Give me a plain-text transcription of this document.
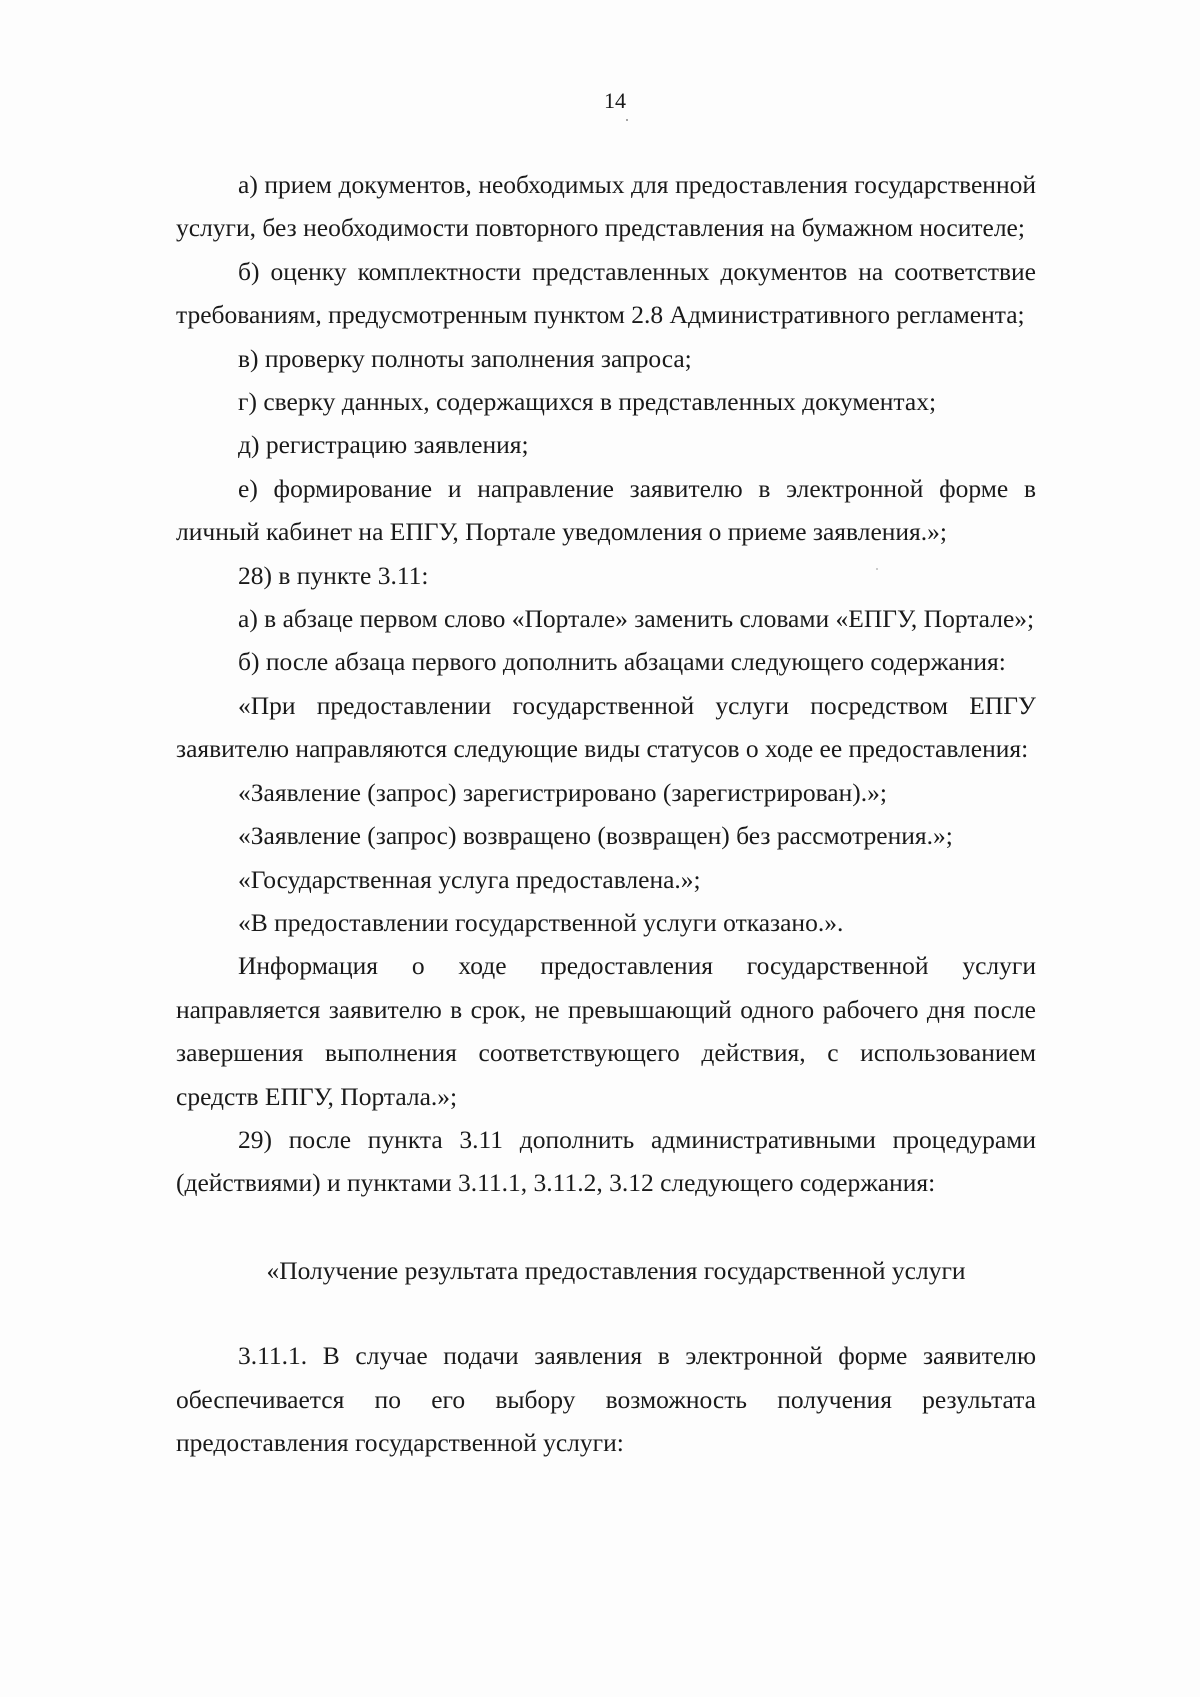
14

а) прием документов, необходимых для предоставления государственной услуги, без необходимости повторного представления на бумажном носителе;

б) оценку комплектности представленных документов на соответствие требованиям, предусмотренным пунктом 2.8 Административного регламента;

в) проверку полноты заполнения запроса;

г) сверку данных, содержащихся в представленных документах;

д) регистрацию заявления;

е) формирование и направление заявителю в электронной форме в личный кабинет на ЕПГУ, Портале уведомления о приеме заявления.»;

28) в пункте 3.11:

а) в абзаце первом слово «Портале» заменить словами «ЕПГУ, Портале»;

б) после абзаца первого дополнить абзацами следующего содержания:

«При предоставлении государственной услуги посредством ЕПГУ заявителю направляются следующие виды статусов о ходе ее предоставления:

«Заявление (запрос) зарегистрировано (зарегистрирован).»;

«Заявление (запрос) возвращено (возвращен) без рассмотрения.»;

«Государственная услуга предоставлена.»;

«В предоставлении государственной услуги отказано.».

Информация о ходе предоставления государственной услуги направляется заявителю в срок, не превышающий одного рабочего дня после завершения выполнения соответствующего действия, с использованием средств ЕПГУ, Портала.»;

29) после пункта 3.11 дополнить административными процедурами (действиями) и пунктами 3.11.1, 3.11.2, 3.12 следующего содержания:

«Получение результата предоставления государственной услуги

3.11.1. В случае подачи заявления в электронной форме заявителю обеспечивается по его выбору возможность получения результата предоставления государственной услуги:
